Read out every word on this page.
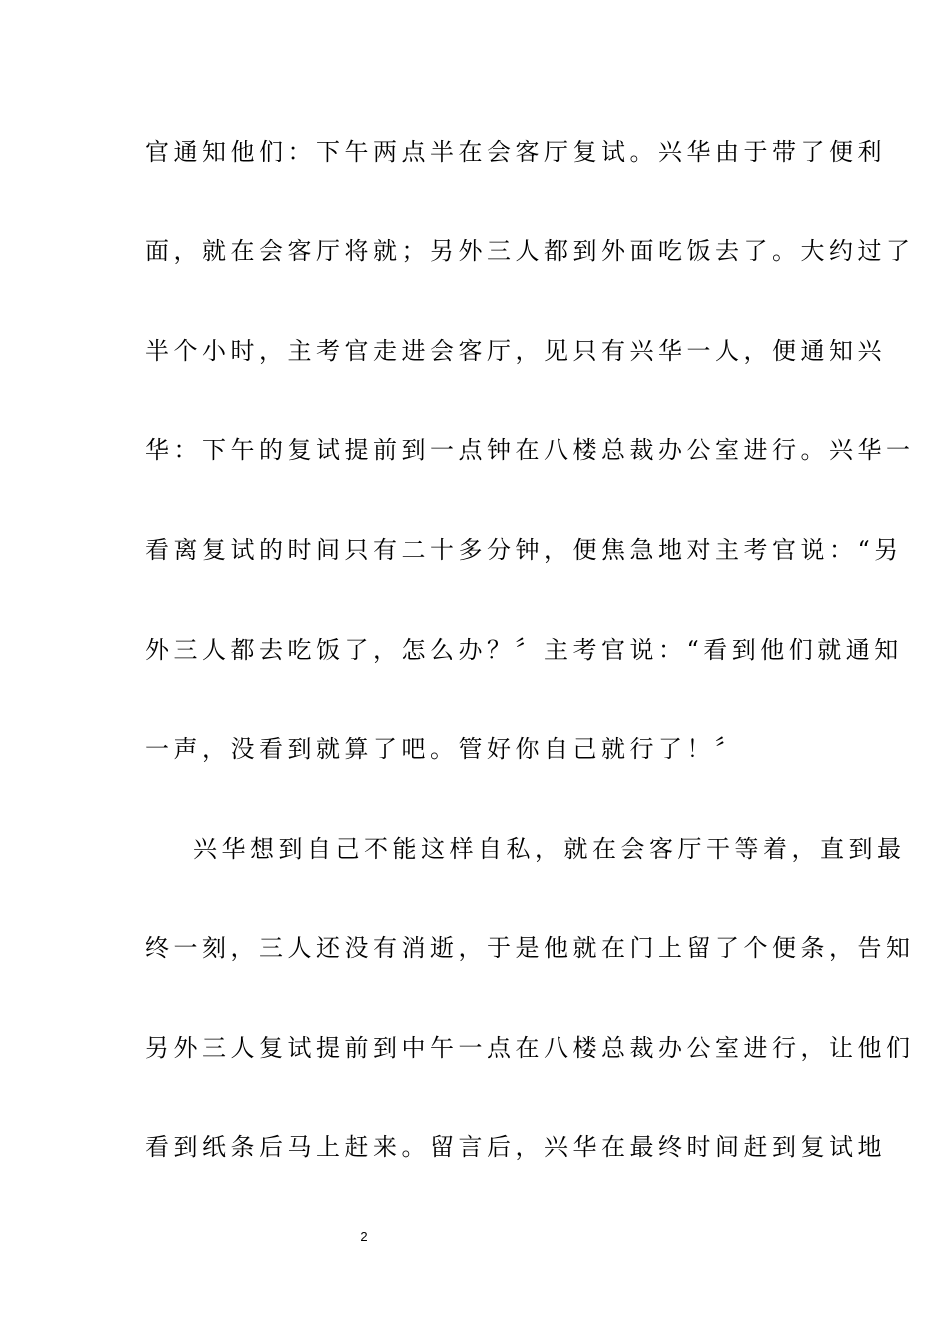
官通知他们：下午两点半在会客厅复试。兴华由于带了便利
面，就在会客厅将就；另外三人都到外面吃饭去了。大约过了
半个小时，主考官走进会客厅，见只有兴华一人，便通知兴
华：下午的复试提前到一点钟在八楼总裁办公室进行。兴华一
看离复试的时间只有二十多分钟，便焦急地对主考官说：“另
外三人都去吃饭了，怎么办？〞主考官说：“看到他们就通知
一声，没看到就算了吧。管好你自己就行了！〞
兴华想到自己不能这样自私，就在会客厅干等着，直到最
终一刻，三人还没有消逝，于是他就在门上留了个便条，告知
另外三人复试提前到中午一点在八楼总裁办公室进行，让他们
看到纸条后马上赶来。留言后，兴华在最终时间赶到复试地
2
